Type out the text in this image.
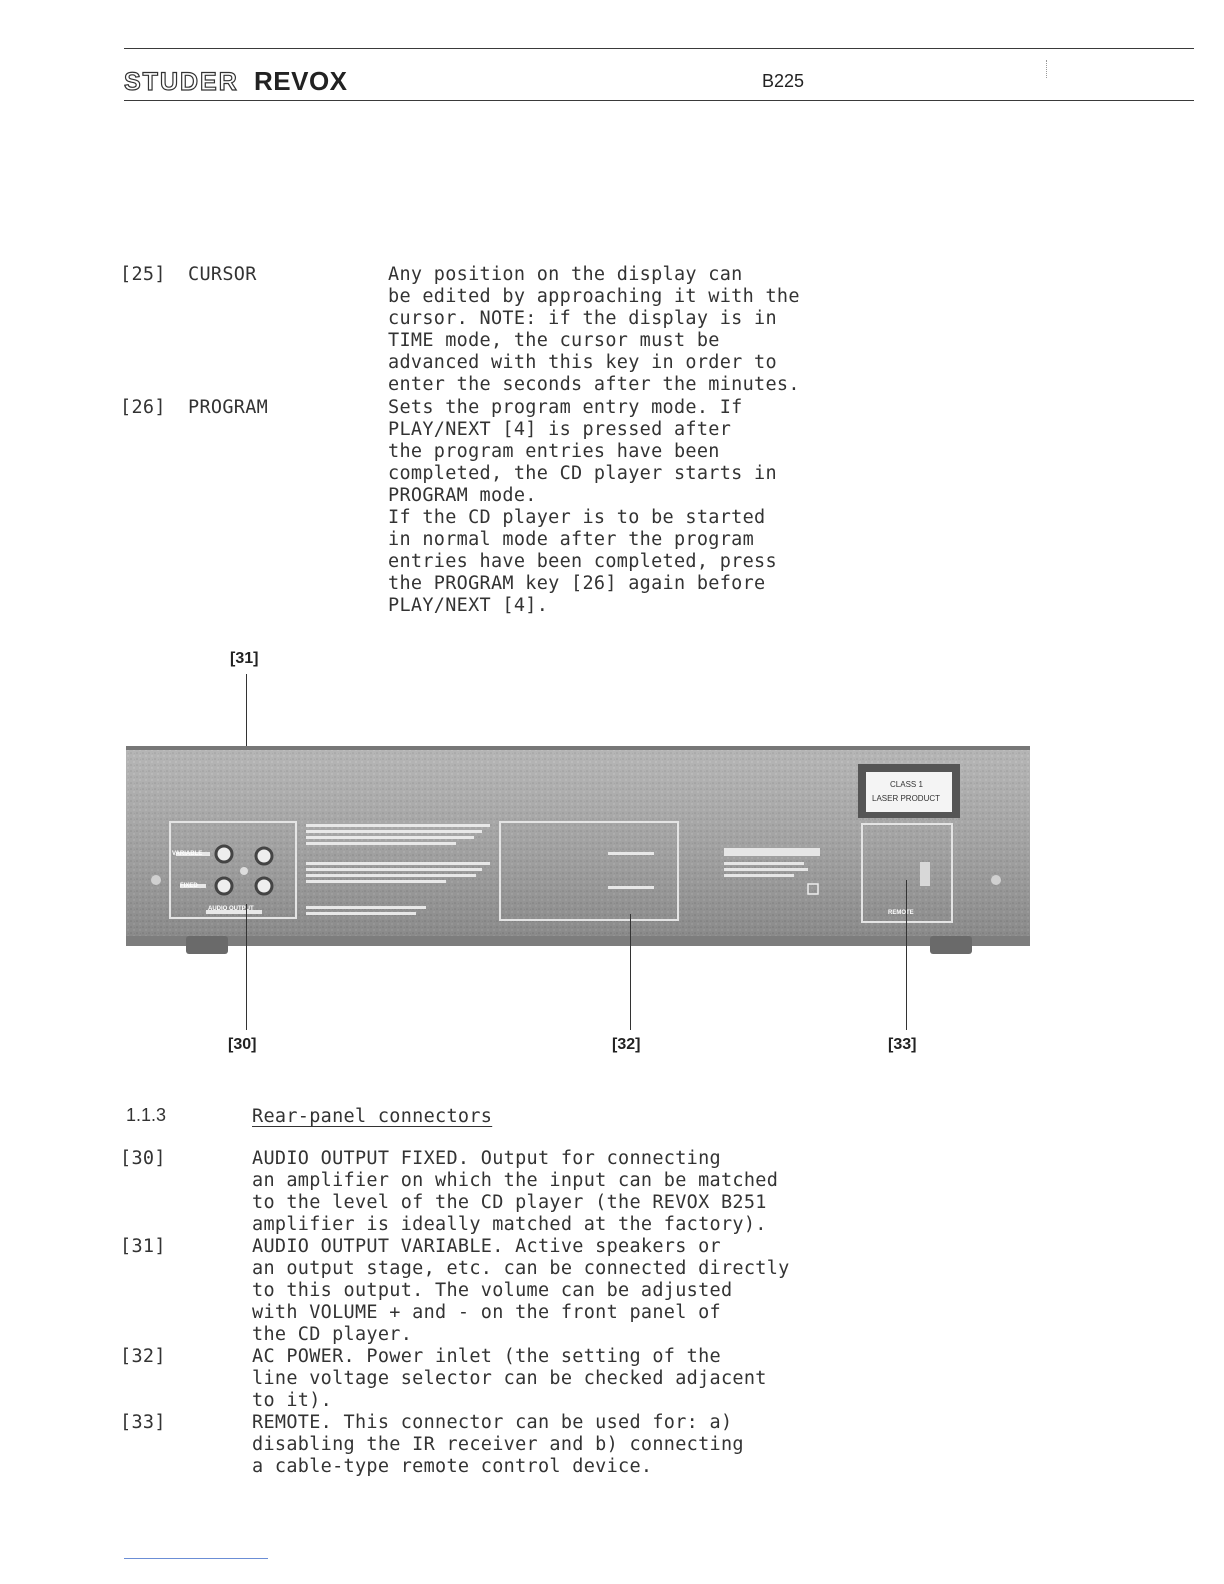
STUDER REVOX	B225
[25] CURSOR	Any position on the display can
be edited by approaching it with the
cursor. NOTE: if the display is in
TIME mode, the cursor must be
advanced with this key in order to
enter the seconds after the minutes.
[26] PROGRAM	Sets the program entry mode. If
PLAY/NEXT [4] is pressed after
the program entries have been
completed, the CD player starts in
PROGRAM mode.
If the CD player is to be started
in normal mode after the program
entries have been completed, press
the PROGRAM key [26] again before
PLAY/NEXT [4].
[31]
VARIABLE
FIXED
AUDIO OUTPUT
CLASS 1
LASER PRODUCT
REMOTE
[30]	[32]	[33]
1.1.3	Rear-panel connectors
[30]	AUDIO OUTPUT FIXED. Output for connecting
an amplifier on which the input can be matched
to the level of the CD player (the REVOX B251
amplifier is ideally matched at the factory).
[31]	AUDIO OUTPUT VARIABLE. Active speakers or
an output stage, etc. can be connected directly
to this output. The volume can be adjusted
with VOLUME + and - on the front panel of
the CD player.
[32]	AC POWER. Power inlet (the setting of the
line voltage selector can be checked adjacent
to it).
[33]	REMOTE. This connector can be used for: a)
disabling the IR receiver and b) connecting
a cable-type remote control device.
